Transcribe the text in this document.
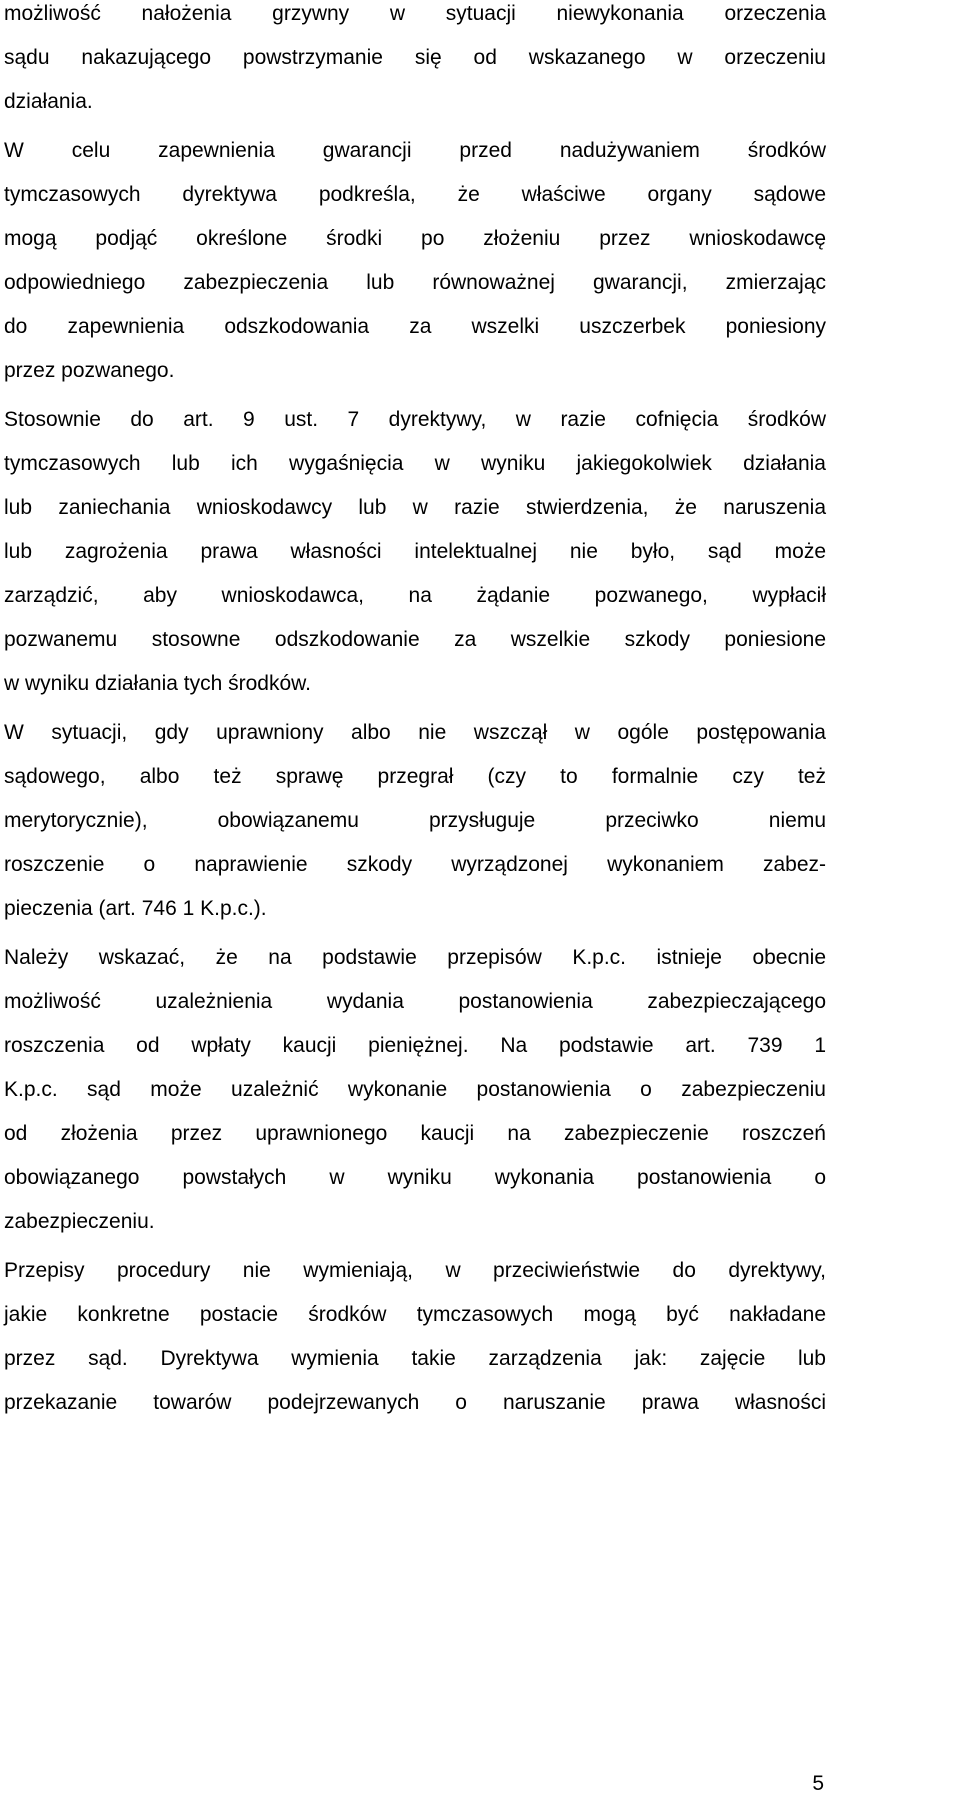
możliwość nałożenia grzywny w sytuacji niewykonania orzeczenia
sądu nakazującego powstrzymanie się od wskazanego w orzeczeniu
działania.
W celu zapewnienia gwarancji przed nadużywaniem środków
tymczasowych dyrektywa podkreśla, że właściwe organy sądowe
mogą podjąć określone środki po złożeniu przez wnioskodawcę
odpowiedniego zabezpieczenia lub równoważnej gwarancji, zmierzając
do zapewnienia odszkodowania za wszelki uszczerbek poniesiony
przez pozwanego.
Stosownie do art. 9 ust. 7 dyrektywy, w razie cofnięcia środków
tymczasowych lub ich wygaśnięcia w wyniku jakiegokolwiek działania
lub zaniechania wnioskodawcy lub w razie stwierdzenia, że naruszenia
lub zagrożenia prawa własności intelektualnej nie było, sąd może
zarządzić, aby wnioskodawca, na żądanie pozwanego, wypłacił
pozwanemu stosowne odszkodowanie za wszelkie szkody poniesione
w wyniku działania tych środków.
W sytuacji, gdy uprawniony albo nie wszczął w ogóle postępowania
sądowego, albo też sprawę przegrał (czy to formalnie czy też
merytorycznie), obowiązanemu przysługuje przeciwko niemu
roszczenie o naprawienie szkody wyrządzonej wykonaniem zabez-
pieczenia (art. 746 1 K.p.c.).
Należy wskazać, że na podstawie przepisów K.p.c. istnieje obecnie
możliwość uzależnienia wydania postanowienia zabezpieczającego
roszczenia od wpłaty kaucji pieniężnej. Na podstawie art. 739 1
K.p.c. sąd może uzależnić wykonanie postanowienia o zabezpieczeniu
od złożenia przez uprawnionego kaucji na zabezpieczenie roszczeń
obowiązanego powstałych w wyniku wykonania postanowienia o
zabezpieczeniu.
Przepisy procedury nie wymieniają, w przeciwieństwie do dyrektywy,
jakie konkretne postacie środków tymczasowych mogą być nakładane
przez sąd. Dyrektywa wymienia takie zarządzenia jak: zajęcie lub
przekazanie towarów podejrzewanych o naruszanie prawa własności
5
